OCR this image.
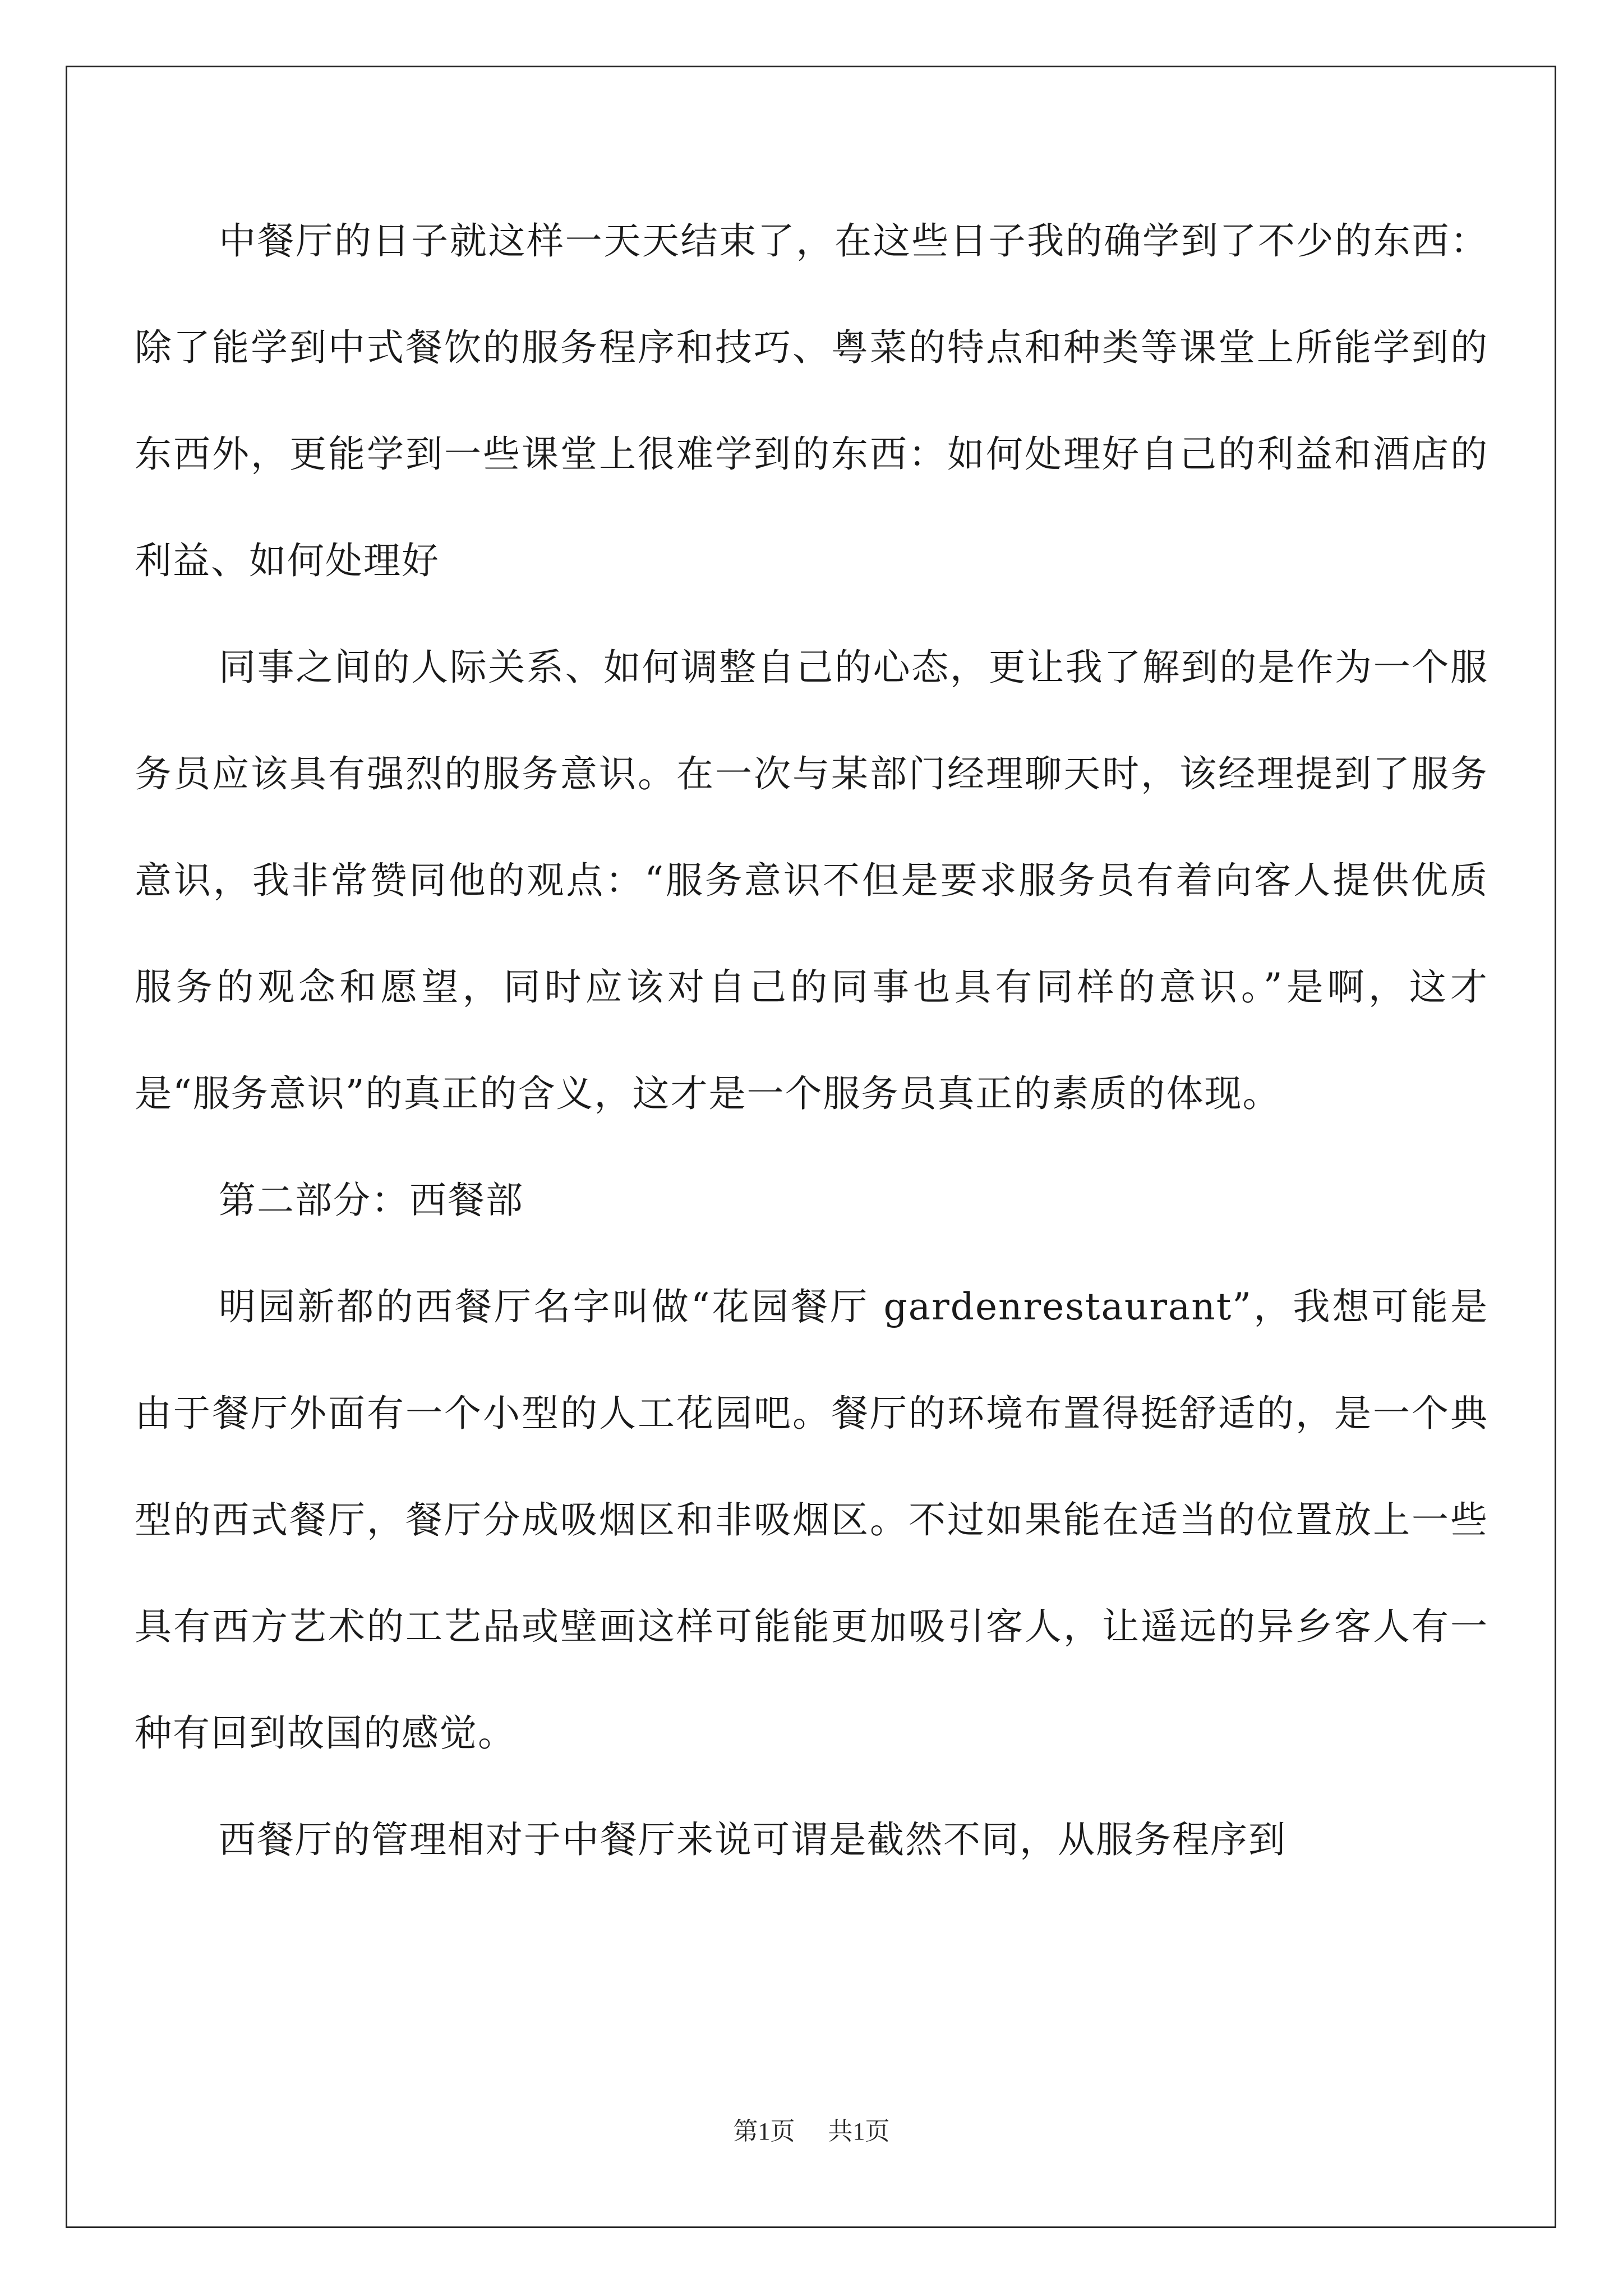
中餐厅的日子就这样一天天结束了，在这些日子我的确学到了不少的东西：除了能学到中式餐饮的服务程序和技巧、粤菜的特点和种类等课堂上所能学到的东西外，更能学到一些课堂上很难学到的东西：如何处理好自己的利益和酒店的利益、如何处理好

同事之间的人际关系、如何调整自己的心态，更让我了解到的是作为一个服务员应该具有强烈的服务意识。在一次与某部门经理聊天时，该经理提到了服务意识，我非常赞同他的观点：“服务意识不但是要求服务员有着向客人提供优质服务的观念和愿望，同时应该对自己的同事也具有同样的意识。”是啊，这才是“服务意识”的真正的含义，这才是一个服务员真正的素质的体现。

第二部分：西餐部

明园新都的西餐厅名字叫做“花园餐厅 gardenrestaurant”，我想可能是由于餐厅外面有一个小型的人工花园吧。餐厅的环境布置得挺舒适的，是一个典型的西式餐厅，餐厅分成吸烟区和非吸烟区。不过如果能在适当的位置放上一些具有西方艺术的工艺品或壁画这样可能能更加吸引客人，让遥远的异乡客人有一种有回到故国的感觉。

西餐厅的管理相对于中餐厅来说可谓是截然不同，从服务程序到

第1页 共1页
